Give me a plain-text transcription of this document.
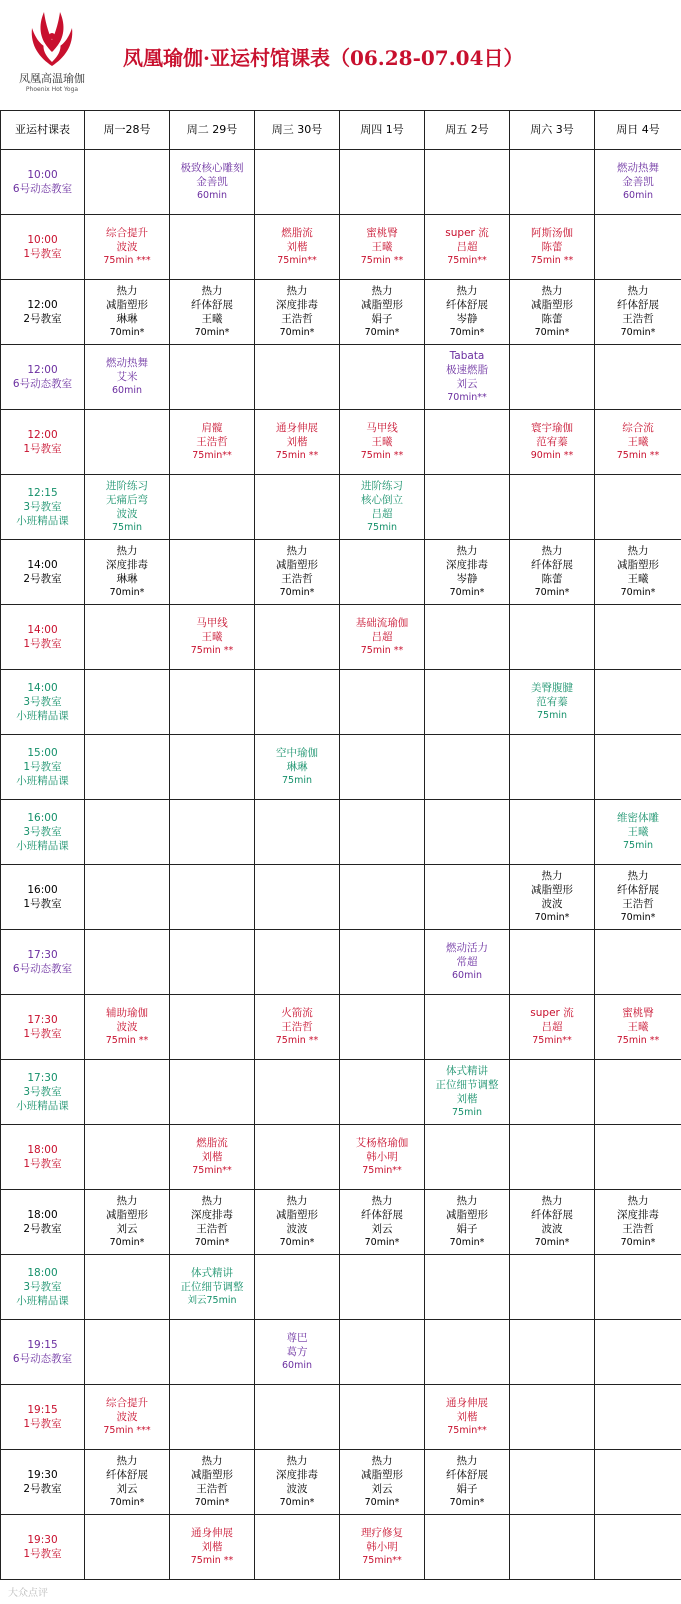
凤凰高温瑜伽
Phoenix Hot Yoga
凤凰瑜伽·亚运村馆课表（06.28-07.04日）
亚运村课表	周一28号	周二 29号	周三 30号	周四 1号	周五 2号	周六 3号	周日 4号

10:00
6号动态教室		极致核心雕刻
金善凯
60min					燃动热舞
金善凯
60min

10:00
1号教室	综合提升
波波
75min ***		燃脂流
刘楷
75min**	蜜桃臀
王曦
75min **	super 流
吕超
75min**	阿斯汤伽
陈蕾
75min **	

12:00
2号教室	热力
减脂塑形
琳琳
70min*	热力
纤体舒展
王曦
70min*	热力
深度排毒
王浩哲
70min*	热力
减脂塑形
娟子
70min*	热力
纤体舒展
岑静
70min*	热力
减脂塑形
陈蕾
70min*	热力
纤体舒展
王浩哲
70min*

12:00
6号动态教室	燃动热舞
艾米
60min				Tabata
极速燃脂
刘云
70min**		

12:00
1号教室		肩髋
王浩哲
75min**	通身伸展
刘楷
75min **	马甲线
王曦
75min **		寰宇瑜伽
范宥蓁
90min **	综合流
王曦
75min **

12:15
3号教室
小班精品课	进阶练习
无痛后弯
波波
75min			进阶练习
核心倒立
吕超
75min			

14:00
2号教室	热力
深度排毒
琳琳
70min*		热力
减脂塑形
王浩哲
70min*		热力
深度排毒
岑静
70min*	热力
纤体舒展
陈蕾
70min*	热力
减脂塑形
王曦
70min*

14:00
1号教室		马甲线
王曦
75min **		基础流瑜伽
吕超
75min **			

14:00
3号教室
小班精品课						美臀腹腱
范宥蓁
75min	

15:00
1号教室
小班精品课			空中瑜伽
琳琳
75min				

16:00
3号教室
小班精品课							维密体雕
王曦
75min

16:00
1号教室						热力
减脂塑形
波波
70min*	热力
纤体舒展
王浩哲
70min*

17:30
6号动态教室					燃动活力
常超
60min		

17:30
1号教室	辅助瑜伽
波波
75min **		火箭流
王浩哲
75min **			super 流
吕超
75min**	蜜桃臀
王曦
75min **

17:30
3号教室
小班精品课					体式精讲
正位细节调整
刘楷
75min		

18:00
1号教室		燃脂流
刘楷
75min**		艾杨格瑜伽
韩小明
75min**			

18:00
2号教室	热力
减脂塑形
刘云
70min*	热力
深度排毒
王浩哲
70min*	热力
减脂塑形
波波
70min*	热力
纤体舒展
刘云
70min*	热力
减脂塑形
娟子
70min*	热力
纤体舒展
波波
70min*	热力
深度排毒
王浩哲
70min*

18:00
3号教室
小班精品课		体式精讲
正位细节调整
刘云75min					

19:15
6号动态教室			尊巴
葛方
60min				

19:15
1号教室	综合提升
波波
75min ***				通身伸展
刘楷
75min**		

19:30
2号教室	热力
纤体舒展
刘云
70min*	热力
减脂塑形
王浩哲
70min*	热力
深度排毒
波波
70min*	热力
减脂塑形
刘云
70min*	热力
纤体舒展
娟子
70min*		

19:30
1号教室		通身伸展
刘楷
75min **		理疗修复
韩小明
75min**			

大众点评
